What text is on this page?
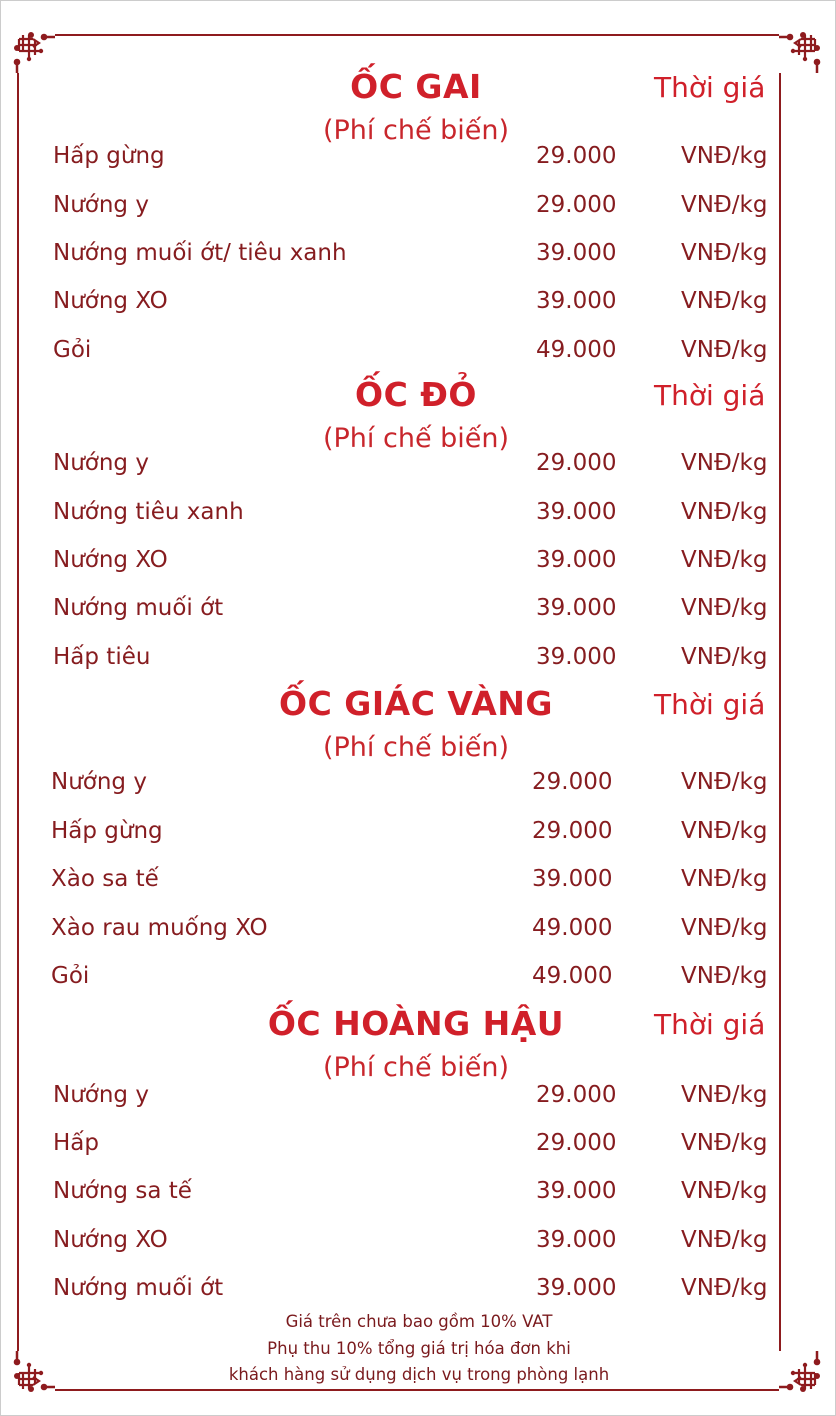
ỐC GAI	Thời giá
(Phí chế biến)
Hấp gừng	29.000	VNĐ/kg
Nướng y	29.000	VNĐ/kg
Nướng muối ớt/ tiêu xanh	39.000	VNĐ/kg
Nướng XO	39.000	VNĐ/kg
Gỏi	49.000	VNĐ/kg
ỐC ĐỎ	Thời giá
(Phí chế biến)
Nướng y	29.000	VNĐ/kg
Nướng tiêu xanh	39.000	VNĐ/kg
Nướng XO	39.000	VNĐ/kg
Nướng muối ớt	39.000	VNĐ/kg
Hấp tiêu	39.000	VNĐ/kg
ỐC GIÁC VÀNG	Thời giá
(Phí chế biến)
Nướng y	29.000	VNĐ/kg
Hấp gừng	29.000	VNĐ/kg
Xào sa tế	39.000	VNĐ/kg
Xào rau muống XO	49.000	VNĐ/kg
Gỏi	49.000	VNĐ/kg
ỐC HOÀNG HẬU	Thời giá
(Phí chế biến)
Nướng y	29.000	VNĐ/kg
Hấp	29.000	VNĐ/kg
Nướng sa tế	39.000	VNĐ/kg
Nướng XO	39.000	VNĐ/kg
Nướng muối ớt	39.000	VNĐ/kg
Giá trên chưa bao gồm 10% VAT
Phụ thu 10% tổng giá trị hóa đơn khi
khách hàng sử dụng dịch vụ trong phòng lạnh
